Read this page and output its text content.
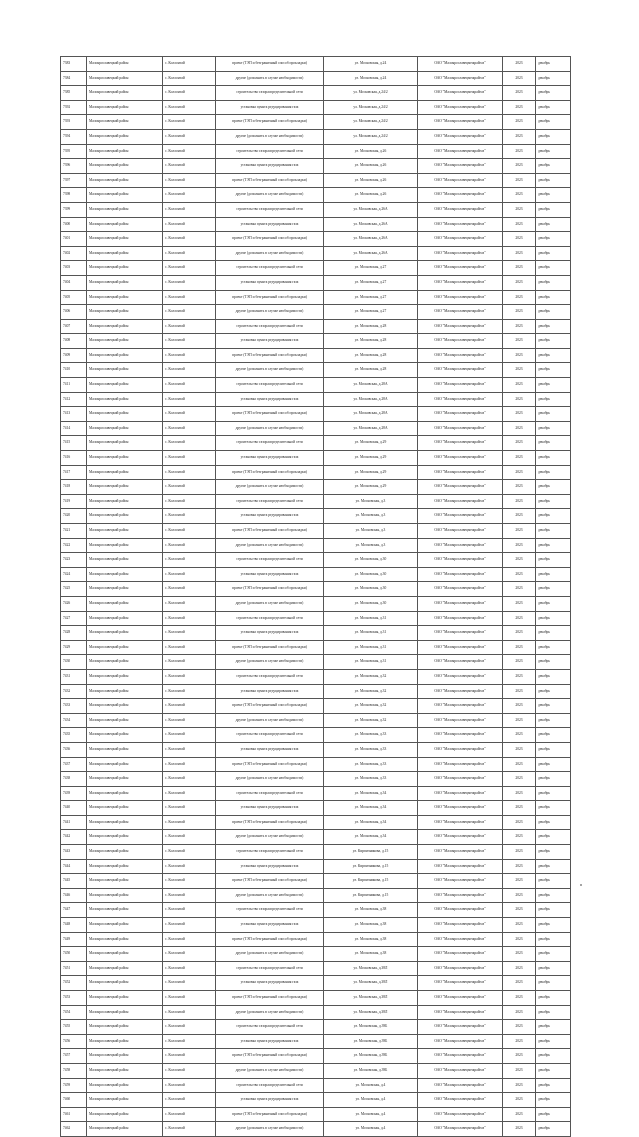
7383	Малоярославецкий район	с. Коллонтай	проект (ТЭП и безграничный способ прокладки)	ул. Московская, д.24	ОАО "Малоярославецмежрайгаз"	2023	декабрь
7384	Малоярославецкий район	с. Коллонтай	другие (дополнить в случае необходимости)	ул. Московская, д.24	ОАО "Малоярославецмежрайгаз"	2023	декабрь
7385	Малоярославецкий район	с. Коллонтай	строительство газораспределительной сети	ул. Московская, д.24/2	ОАО "Малоярославецмежрайгаз"	2023	декабрь
7392	Малоярославецкий район	с. Коллонтай	установка пункта редуцирования газа	ул. Московская, д.24/2	ОАО "Малоярославецмежрайгаз"	2023	декабрь
7393	Малоярославецкий район	с. Коллонтай	проект (ТЭП и безграничный способ прокладки)	ул. Московская, д.24/2	ОАО "Малоярославецмежрайгаз"	2023	декабрь
7394	Малоярославецкий район	с. Коллонтай	другие (дополнить в случае необходимости)	ул. Московская, д.24/2	ОАО "Малоярославецмежрайгаз"	2023	декабрь
7395	Малоярославецкий район	с. Коллонтай	строительство газораспределительной сети	ул. Московская, д.26	ОАО "Малоярославецмежрайгаз"	2023	декабрь
7396	Малоярославецкий район	с. Коллонтай	установка пункта редуцирования газа	ул. Московская, д.26	ОАО "Малоярославецмежрайгаз"	2023	декабрь
7397	Малоярославецкий район	с. Коллонтай	проект (ТЭП и безграничный способ прокладки)	ул. Московская, д.26	ОАО "Малоярославецмежрайгаз"	2023	декабрь
7398	Малоярославецкий район	с. Коллонтай	другие (дополнить в случае необходимости)	ул. Московская, д.26	ОАО "Малоярославецмежрайгаз"	2023	декабрь
7399	Малоярославецкий район	с. Коллонтай	строительство газораспределительной сети	ул. Московская, д.26А	ОАО "Малоярославецмежрайгаз"	2023	декабрь
7400	Малоярославецкий район	с. Коллонтай	установка пункта редуцирования газа	ул. Московская, д.26А	ОАО "Малоярославецмежрайгаз"	2023	декабрь
7401	Малоярославецкий район	с. Коллонтай	проект (ТЭП и безграничный способ прокладки)	ул. Московская, д.26А	ОАО "Малоярославецмежрайгаз"	2023	декабрь
7402	Малоярославецкий район	с. Коллонтай	другие (дополнить в случае необходимости)	ул. Московская, д.26А	ОАО "Малоярославецмежрайгаз"	2023	декабрь
7403	Малоярославецкий район	с. Коллонтай	строительство газораспределительной сети	ул. Московская, д.27	ОАО "Малоярославецмежрайгаз"	2023	декабрь
7404	Малоярославецкий район	с. Коллонтай	установка пункта редуцирования газа	ул. Московская, д.27	ОАО "Малоярославецмежрайгаз"	2023	декабрь
7405	Малоярославецкий район	с. Коллонтай	проект (ТЭП и безграничный способ прокладки)	ул. Московская, д.27	ОАО "Малоярославецмежрайгаз"	2023	декабрь
7406	Малоярославецкий район	с. Коллонтай	другие (дополнить в случае необходимости)	ул. Московская, д.27	ОАО "Малоярославецмежрайгаз"	2023	декабрь
7407	Малоярославецкий район	с. Коллонтай	строительство газораспределительной сети	ул. Московская, д.28	ОАО "Малоярославецмежрайгаз"	2023	декабрь
7408	Малоярославецкий район	с. Коллонтай	установка пункта редуцирования газа	ул. Московская, д.28	ОАО "Малоярославецмежрайгаз"	2023	декабрь
7409	Малоярославецкий район	с. Коллонтай	проект (ТЭП и безграничный способ прокладки)	ул. Московская, д.28	ОАО "Малоярославецмежрайгаз"	2023	декабрь
7410	Малоярославецкий район	с. Коллонтай	другие (дополнить в случае необходимости)	ул. Московская, д.28	ОАО "Малоярославецмежрайгаз"	2023	декабрь
7411	Малоярославецкий район	с. Коллонтай	строительство газораспределительной сети	ул. Московская, д.28А	ОАО "Малоярославецмежрайгаз"	2023	декабрь
7412	Малоярославецкий район	с. Коллонтай	установка пункта редуцирования газа	ул. Московская, д.28А	ОАО "Малоярославецмежрайгаз"	2023	декабрь
7413	Малоярославецкий район	с. Коллонтай	проект (ТЭП и безграничный способ прокладки)	ул. Московская, д.28А	ОАО "Малоярославецмежрайгаз"	2023	декабрь
7414	Малоярославецкий район	с. Коллонтай	другие (дополнить в случае необходимости)	ул. Московская, д.28А	ОАО "Малоярославецмежрайгаз"	2023	декабрь
7415	Малоярославецкий район	с. Коллонтай	строительство газораспределительной сети	ул. Московская, д.29	ОАО "Малоярославецмежрайгаз"	2023	декабрь
7416	Малоярославецкий район	с. Коллонтай	установка пункта редуцирования газа	ул. Московская, д.29	ОАО "Малоярославецмежрайгаз"	2023	декабрь
7417	Малоярославецкий район	с. Коллонтай	проект (ТЭП и безграничный способ прокладки)	ул. Московская, д.29	ОАО "Малоярославецмежрайгаз"	2023	декабрь
7418	Малоярославецкий район	с. Коллонтай	другие (дополнить в случае необходимости)	ул. Московская, д.29	ОАО "Малоярославецмежрайгаз"	2023	декабрь
7419	Малоярославецкий район	с. Коллонтай	строительство газораспределительной сети	ул. Московская, д.3	ОАО "Малоярославецмежрайгаз"	2023	декабрь
7420	Малоярославецкий район	с. Коллонтай	установка пункта редуцирования газа	ул. Московская, д.3	ОАО "Малоярославецмежрайгаз"	2023	декабрь
7421	Малоярославецкий район	с. Коллонтай	проект (ТЭП и безграничный способ прокладки)	ул. Московская, д.3	ОАО "Малоярославецмежрайгаз"	2023	декабрь
7422	Малоярославецкий район	с. Коллонтай	другие (дополнить в случае необходимости)	ул. Московская, д.3	ОАО "Малоярославецмежрайгаз"	2023	декабрь
7423	Малоярославецкий район	с. Коллонтай	строительство газораспределительной сети	ул. Московская, д.30	ОАО "Малоярославецмежрайгаз"	2023	декабрь
7424	Малоярославецкий район	с. Коллонтай	установка пункта редуцирования газа	ул. Московская, д.30	ОАО "Малоярославецмежрайгаз"	2023	декабрь
7425	Малоярославецкий район	с. Коллонтай	проект (ТЭП и безграничный способ прокладки)	ул. Московская, д.30	ОАО "Малоярославецмежрайгаз"	2023	декабрь
7426	Малоярославецкий район	с. Коллонтай	другие (дополнить в случае необходимости)	ул. Московская, д.30	ОАО "Малоярославецмежрайгаз"	2023	декабрь
7427	Малоярославецкий район	с. Коллонтай	строительство газораспределительной сети	ул. Московская, д.31	ОАО "Малоярославецмежрайгаз"	2023	декабрь
7428	Малоярославецкий район	с. Коллонтай	установка пункта редуцирования газа	ул. Московская, д.31	ОАО "Малоярославецмежрайгаз"	2023	декабрь
7429	Малоярославецкий район	с. Коллонтай	проект (ТЭП и безграничный способ прокладки)	ул. Московская, д.31	ОАО "Малоярославецмежрайгаз"	2023	декабрь
7430	Малоярославецкий район	с. Коллонтай	другие (дополнить в случае необходимости)	ул. Московская, д.31	ОАО "Малоярославецмежрайгаз"	2023	декабрь
7431	Малоярославецкий район	с. Коллонтай	строительство газораспределительной сети	ул. Московская, д.32	ОАО "Малоярославецмежрайгаз"	2023	декабрь
7432	Малоярославецкий район	с. Коллонтай	установка пункта редуцирования газа	ул. Московская, д.32	ОАО "Малоярославецмежрайгаз"	2023	декабрь
7433	Малоярославецкий район	с. Коллонтай	проект (ТЭП и безграничный способ прокладки)	ул. Московская, д.32	ОАО "Малоярославецмежрайгаз"	2023	декабрь
7434	Малоярославецкий район	с. Коллонтай	другие (дополнить в случае необходимости)	ул. Московская, д.32	ОАО "Малоярославецмежрайгаз"	2023	декабрь
7435	Малоярославецкий район	с. Коллонтай	строительство газораспределительной сети	ул. Московская, д.33	ОАО "Малоярославецмежрайгаз"	2023	декабрь
7436	Малоярославецкий район	с. Коллонтай	установка пункта редуцирования газа	ул. Московская, д.33	ОАО "Малоярославецмежрайгаз"	2023	декабрь
7437	Малоярославецкий район	с. Коллонтай	проект (ТЭП и безграничный способ прокладки)	ул. Московская, д.33	ОАО "Малоярославецмежрайгаз"	2023	декабрь
7438	Малоярославецкий район	с. Коллонтай	другие (дополнить в случае необходимости)	ул. Московская, д.33	ОАО "Малоярославецмежрайгаз"	2023	декабрь
7439	Малоярославецкий район	с. Коллонтай	строительство газораспределительной сети	ул. Московская, д.34	ОАО "Малоярославецмежрайгаз"	2023	декабрь
7440	Малоярославецкий район	с. Коллонтай	установка пункта редуцирования газа	ул. Московская, д.34	ОАО "Малоярославецмежрайгаз"	2023	декабрь
7441	Малоярославецкий район	с. Коллонтай	проект (ТЭП и безграничный способ прокладки)	ул. Московская, д.34	ОАО "Малоярославецмежрайгаз"	2023	декабрь
7442	Малоярославецкий район	с. Коллонтай	другие (дополнить в случае необходимости)	ул. Московская, д.34	ОАО "Малоярославецмежрайгаз"	2023	декабрь
7443	Малоярославецкий район	с. Коллонтай	строительство газораспределительной сети	ул. Кирпичникова, д.15	ОАО "Малоярославецмежрайгаз"	2023	декабрь
7444	Малоярославецкий район	с. Коллонтай	установка пункта редуцирования газа	ул. Кирпичникова, д.15	ОАО "Малоярославецмежрайгаз"	2023	декабрь
7445	Малоярославецкий район	с. Коллонтай	проект (ТЭП и безграничный способ прокладки)	ул. Кирпичникова, д.15	ОАО "Малоярославецмежрайгаз"	2023	декабрь
7446	Малоярославецкий район	с. Коллонтай	другие (дополнить в случае необходимости)	ул. Кирпичникова, д.15	ОАО "Малоярославецмежрайгаз"	2023	декабрь
7447	Малоярославецкий район	с. Коллонтай	строительство газораспределительной сети	ул. Московская, д.38	ОАО "Малоярославецмежрайгаз"	2023	декабрь
7448	Малоярославецкий район	с. Коллонтай	установка пункта редуцирования газа	ул. Московская, д.38	ОАО "Малоярославецмежрайгаз"	2023	декабрь
7449	Малоярославецкий район	с. Коллонтай	проект (ТЭП и безграничный способ прокладки)	ул. Московская, д.38	ОАО "Малоярославецмежрайгаз"	2023	декабрь
7450	Малоярославецкий район	с. Коллонтай	другие (дополнить в случае необходимости)	ул. Московская, д.38	ОАО "Малоярославецмежрайгаз"	2023	декабрь
7451	Малоярославецкий район	с. Коллонтай	строительство газораспределительной сети	ул. Московская, д.38Л	ОАО "Малоярославецмежрайгаз"	2023	декабрь
7452	Малоярославецкий район	с. Коллонтай	установка пункта редуцирования газа	ул. Московская, д.38Л	ОАО "Малоярославецмежрайгаз"	2023	декабрь
7453	Малоярославецкий район	с. Коллонтай	проект (ТЭП и безграничный способ прокладки)	ул. Московская, д.38Л	ОАО "Малоярославецмежрайгаз"	2023	декабрь
7454	Малоярославецкий район	с. Коллонтай	другие (дополнить в случае необходимости)	ул. Московская, д.38Л	ОАО "Малоярославецмежрайгаз"	2023	декабрь
7455	Малоярославецкий район	с. Коллонтай	строительство газораспределительной сети	ул. Московская, д.39Б	ОАО "Малоярославецмежрайгаз"	2023	декабрь
7456	Малоярославецкий район	с. Коллонтай	установка пункта редуцирования газа	ул. Московская, д.39Б	ОАО "Малоярославецмежрайгаз"	2023	декабрь
7457	Малоярославецкий район	с. Коллонтай	проект (ТЭП и безграничный способ прокладки)	ул. Московская, д.39Б	ОАО "Малоярославецмежрайгаз"	2023	декабрь
7458	Малоярославецкий район	с. Коллонтай	другие (дополнить в случае необходимости)	ул. Московская, д.39Б	ОАО "Малоярославецмежрайгаз"	2023	декабрь
7459	Малоярославецкий район	с. Коллонтай	строительство газораспределительной сети	ул. Московская, д.4	ОАО "Малоярославецмежрайгаз"	2023	декабрь
7460	Малоярославецкий район	с. Коллонтай	установка пункта редуцирования газа	ул. Московская, д.4	ОАО "Малоярославецмежрайгаз"	2023	декабрь
7461	Малоярославецкий район	с. Коллонтай	проект (ТЭП и безграничный способ прокладки)	ул. Московская, д.4	ОАО "Малоярославецмежрайгаз"	2023	декабрь
7462	Малоярославецкий район	с. Коллонтай	другие (дополнить в случае необходимости)	ул. Московская, д.4	ОАО "Малоярославецмежрайгаз"	2023	декабрь
